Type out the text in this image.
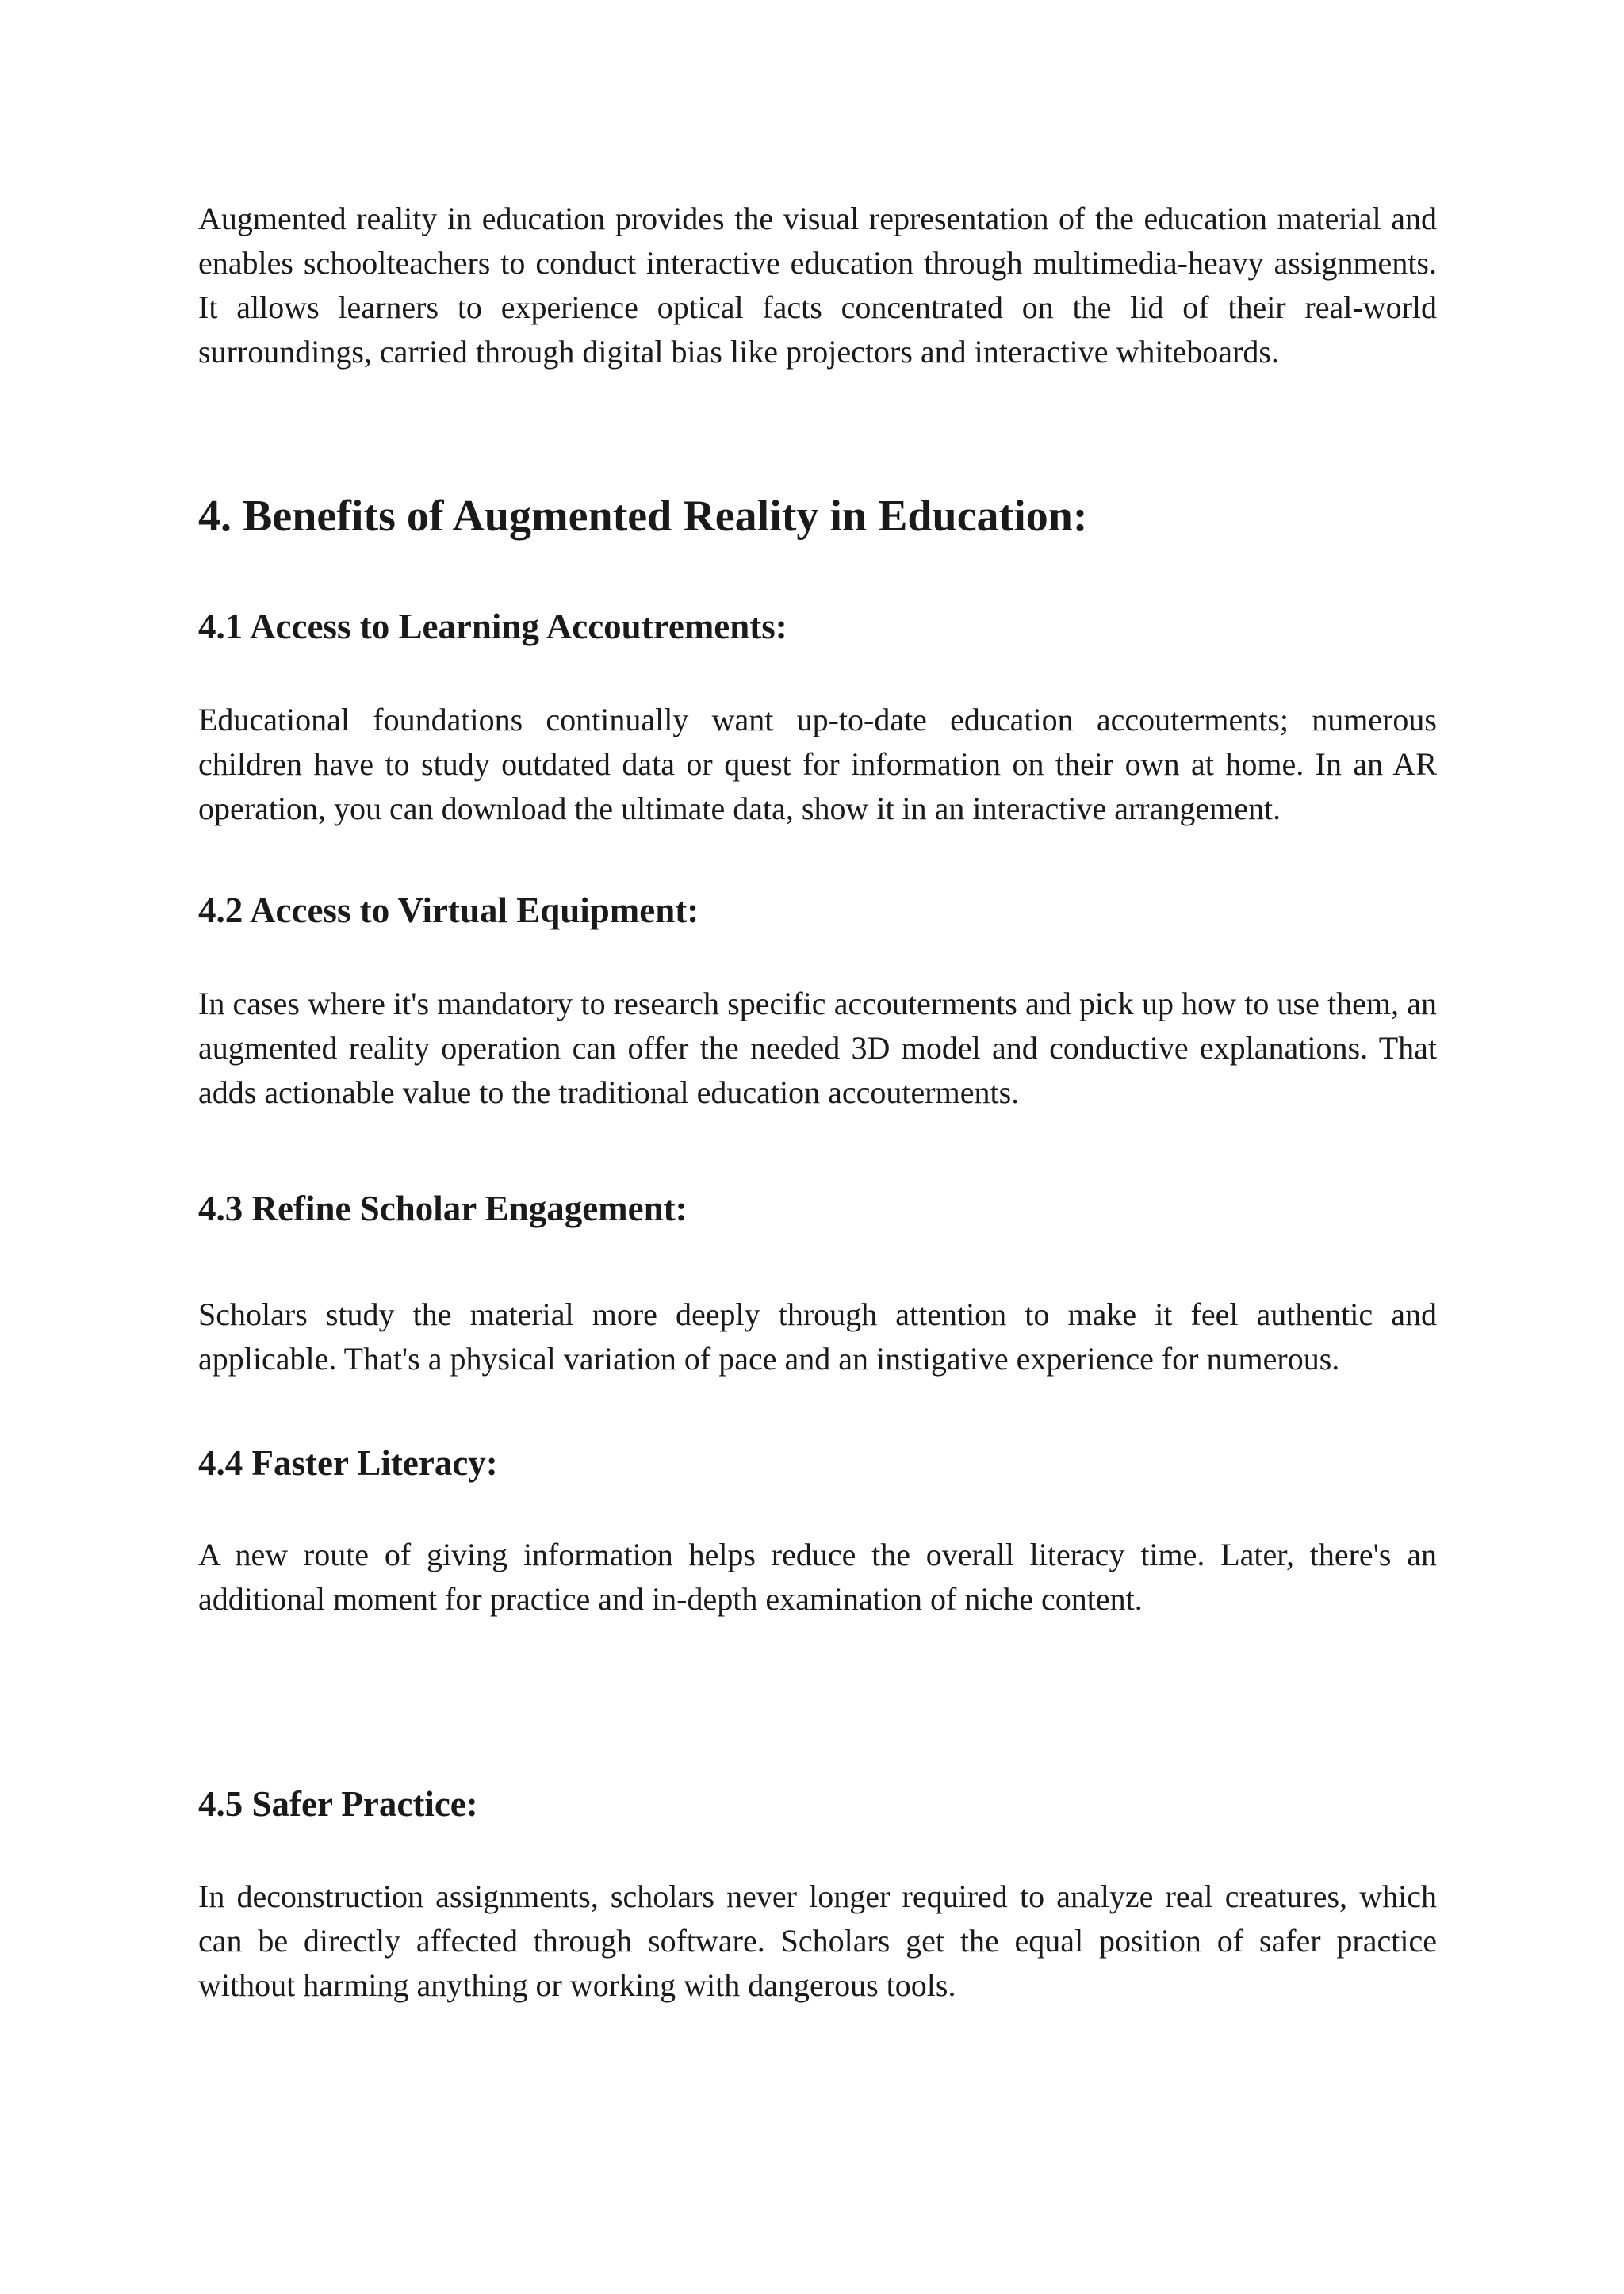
Augmented reality in education provides the visual representation of the education material and enables schoolteachers to conduct interactive education through multimedia-heavy assignments. It allows learners to experience optical facts concentrated on the lid of their real-world surroundings, carried through digital bias like projectors and interactive whiteboards.

4. Benefits of Augmented Reality in Education:
4.1 Access to Learning Accoutrements:

Educational foundations continually want up-to-date education accouterments; numerous children have to study outdated data or quest for information on their own at home. In an AR operation, you can download the ultimate data, show it in an interactive arrangement.

4.2 Access to Virtual Equipment:

In cases where it's mandatory to research specific accouterments and pick up how to use them, an augmented reality operation can offer the needed 3D model and conductive explanations. That adds actionable value to the traditional education accouterments.

4.3 Refine Scholar Engagement:

Scholars study the material more deeply through attention to make it feel authentic and applicable. That's a physical variation of pace and an instigative experience for numerous.

4.4 Faster Literacy:

A new route of giving information helps reduce the overall literacy time. Later, there's an additional moment for practice and in-depth examination of niche content.

4.5 Safer Practice:

In deconstruction assignments, scholars never longer required to analyze real creatures, which can be directly affected through software. Scholars get the equal position of safer practice without harming anything or working with dangerous tools.
